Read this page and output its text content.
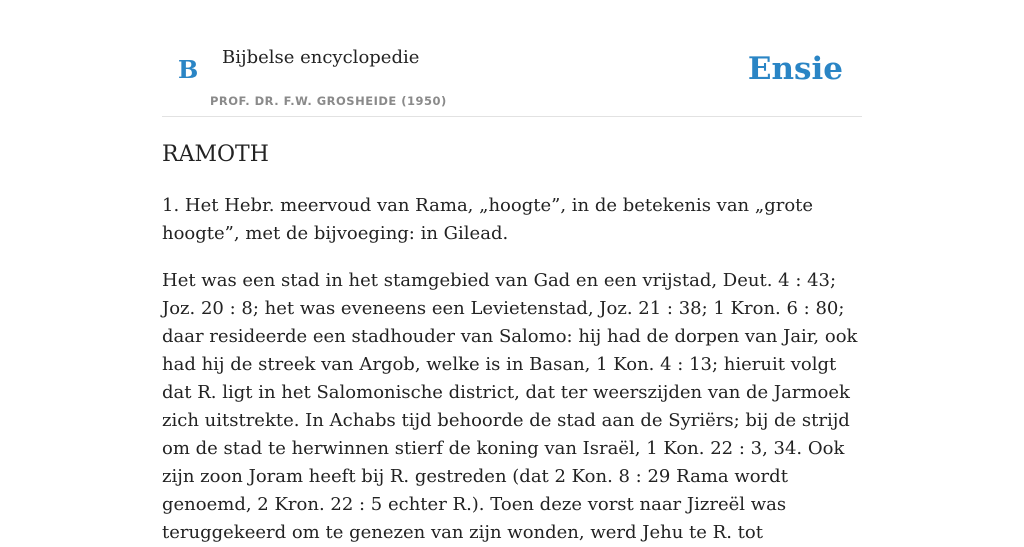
B Bijbelse encyclopedie
PROF. DR. F.W. GROSHEIDE (1950)
Ensie
RAMOTH

1. Het Hebr. meervoud van Rama, „hoogte”, in de betekenis van „grote hoogte”, met de bijvoeging: in Gilead.

Het was een stad in het stamgebied van Gad en een vrijstad, Deut. 4 : 43; Joz. 20 : 8; het was eveneens een Levietenstad, Joz. 21 : 38; 1 Kron. 6 : 80; daar resideerde een stadhouder van Salomo: hij had de dorpen van Jair, ook had hij de streek van Argob, welke is in Basan, 1 Kon. 4 : 13; hieruit volgt dat R. ligt in het Salomonische district, dat ter weerszijden van de Jarmoek zich uitstrekte. In Achabs tijd behoorde de stad aan de Syriërs; bij de strijd om de stad te herwinnen stierf de koning van Israël, 1 Kon. 22 : 3, 34. Ook zijn zoon Joram heeft bij R. gestreden (dat 2 Kon. 8 : 29 Rama wordt genoemd, 2 Kron. 22 : 5 echter R.). Toen deze vorst naar Jizreël was teruggekeerd om te genezen van zijn wonden, werd Jehu te R. tot
